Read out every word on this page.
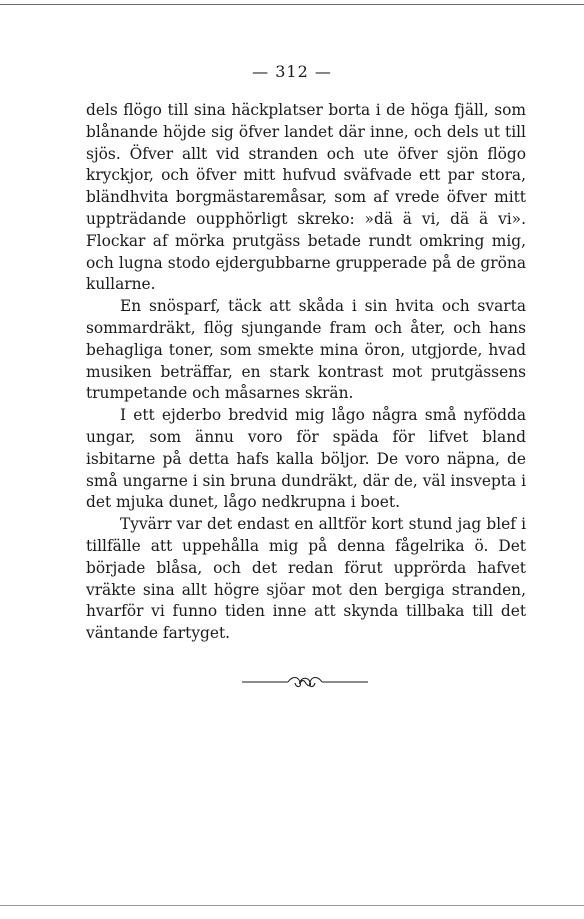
— 312 —

dels flögo till sina häckplatser borta i de höga fjäll, som blånande höjde sig öfver landet där inne, och dels ut till sjös. Öfver allt vid stranden och ute öfver sjön flögo kryckjor, och öfver mitt hufvud sväfvade ett par stora, bländhvita borgmästaremåsar, som af vrede öfver mitt uppträdande oupphörligt skreko: »dä ä vi, dä ä vi». Flockar af mörka prutgäss betade rundt omkring mig, och lugna stodo ejdergubbarne grupperade på de gröna kullarne.

En snösparf, täck att skåda i sin hvita och svarta sommardräkt, flög sjungande fram och åter, och hans behagliga toner, som smekte mina öron, utgjorde, hvad musiken beträffar, en stark kontrast mot prutgässens trumpetande och måsarnes skrän.

I ett ejderbo bredvid mig lågo några små nyfödda ungar, som ännu voro för späda för lifvet bland isbitarne på detta hafs kalla böljor. De voro näpna, de små ungarne i sin bruna dundräkt, där de, väl insvepta i det mjuka dunet, lågo nedkrupna i boet.

Tyvärr var det endast en alltför kort stund jag blef i tillfälle att uppehålla mig på denna fågelrika ö. Det började blåsa, och det redan förut upprörda hafvet vräkte sina allt högre sjöar mot den bergiga stranden, hvarför vi funno tiden inne att skynda tillbaka till det väntande fartyget.
